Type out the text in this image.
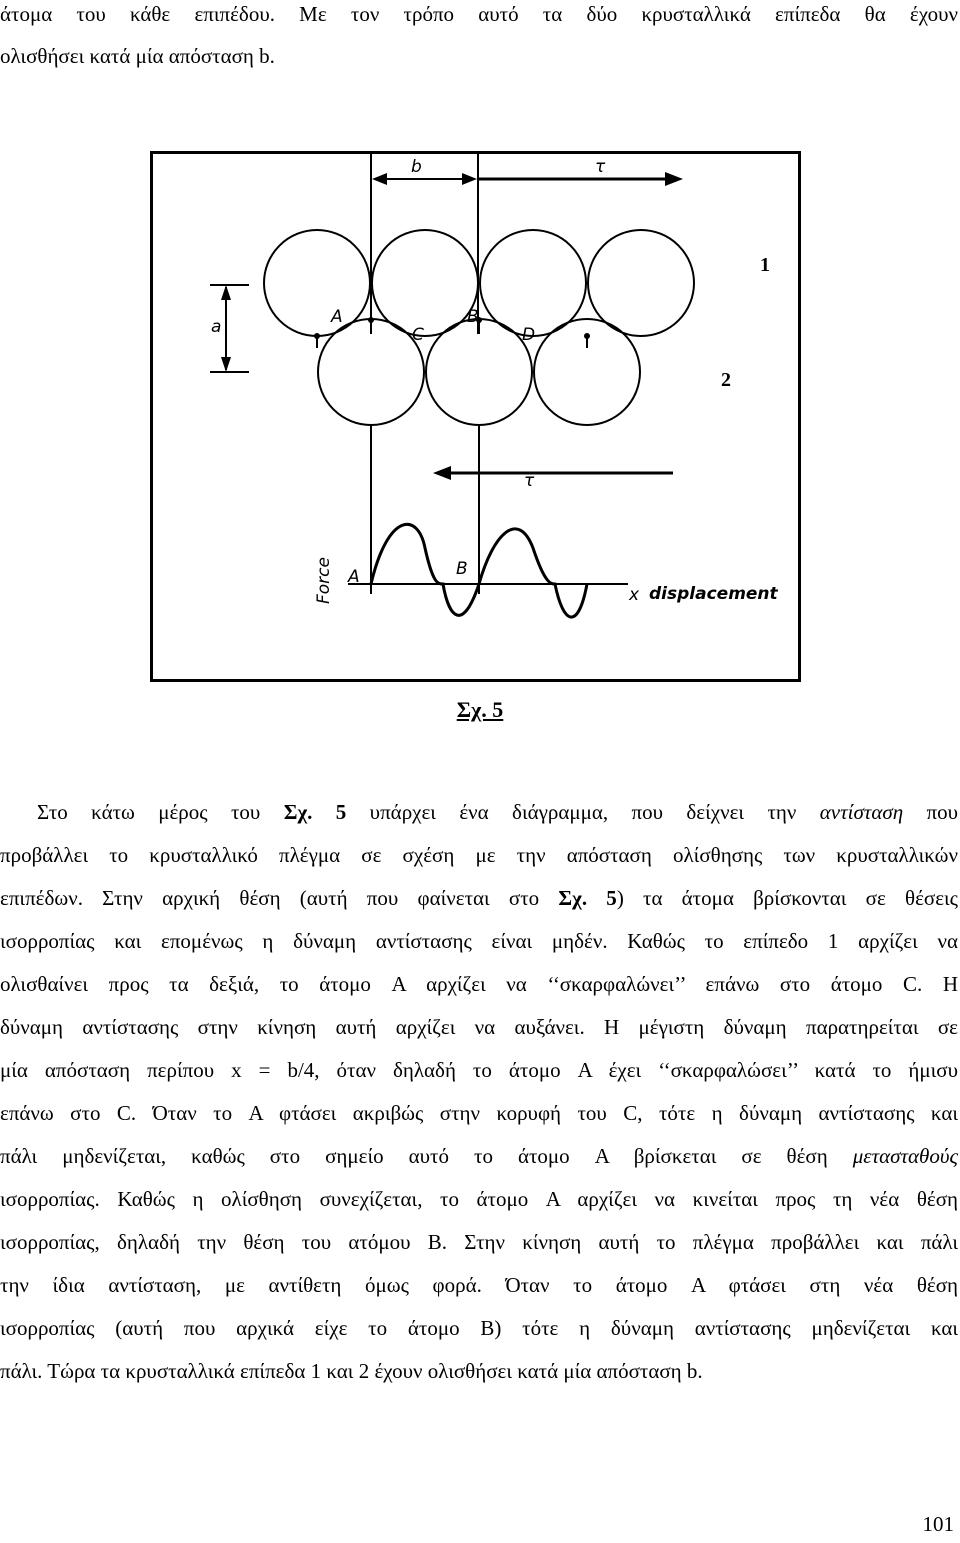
άτομα του κάθε επιπέδου. Με τον τρόπο αυτό τα δύο κρυσταλλικά επίπεδα θα έχουν
ολισθήσει κατά μία απόσταση b.
b	τ
a	A
C
B
D
1
2
τ
Force A	B
x displacement
Σχ. 5
Στο κάτω μέρος του Σχ. 5 υπάρχει ένα διάγραμμα, που δείχνει την αντίσταση που
προβάλλει το κρυσταλλικό πλέγμα σε σχέση με την απόσταση ολίσθησης των κρυσταλλικών
επιπέδων. Στην αρχική θέση (αυτή που φαίνεται στο Σχ. 5) τα άτομα βρίσκονται σε θέσεις
ισορροπίας και επομένως η δύναμη αντίστασης είναι μηδέν. Καθώς το επίπεδο 1 αρχίζει να
ολισθαίνει προς τα δεξιά, το άτομο A αρχίζει να ‘‘σκαρφαλώνει’’ επάνω στο άτομο C. Η
δύναμη αντίστασης στην κίνηση αυτή αρχίζει να αυξάνει. Η μέγιστη δύναμη παρατηρείται σε
μία απόσταση περίπου x = b/4, όταν δηλαδή το άτομο A έχει ‘‘σκαρφαλώσει’’ κατά το ήμισυ
επάνω στο C. Όταν το A φτάσει ακριβώς στην κορυφή του C, τότε η δύναμη αντίστασης και
πάλι μηδενίζεται, καθώς στο σημείο αυτό το άτομο A βρίσκεται σε θέση μετασταθούς
ισορροπίας. Καθώς η ολίσθηση συνεχίζεται, το άτομο A αρχίζει να κινείται προς τη νέα θέση
ισορροπίας, δηλαδή την θέση του ατόμου B. Στην κίνηση αυτή το πλέγμα προβάλλει και πάλι
την ίδια αντίσταση, με αντίθετη όμως φορά. Όταν το άτομο A φτάσει στη νέα θέση
ισορροπίας (αυτή που αρχικά είχε το άτομο B) τότε η δύναμη αντίστασης μηδενίζεται και
πάλι. Τώρα τα κρυσταλλικά επίπεδα 1 και 2 έχουν ολισθήσει κατά μία απόσταση b.
101
